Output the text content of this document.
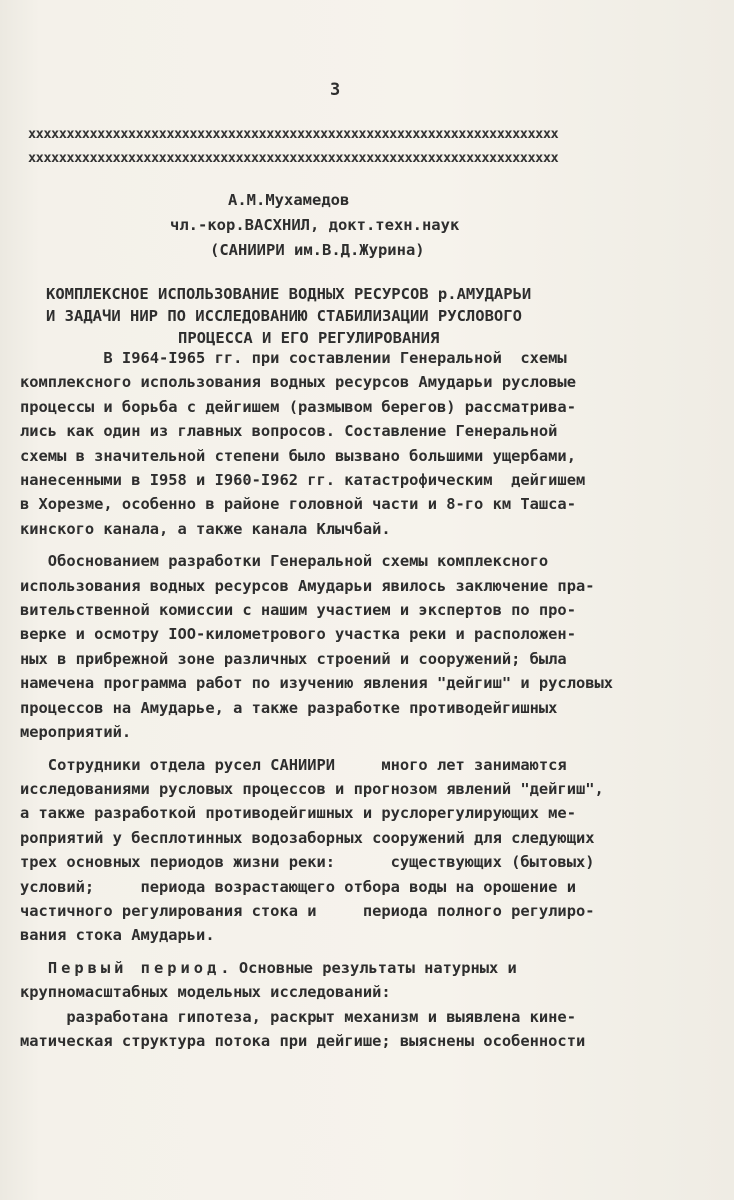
3
xxxxxxxxxxxxxxxxxxxxxxxxxxxxxxxxxxxxxxxxxxxxxxxxxxxxxxxxxxxxxxxxxxxxx
xxxxxxxxxxxxxxxxxxxxxxxxxxxxxxxxxxxxxxxxxxxxxxxxxxxxxxxxxxxxxxxxxxxxx
А.М.Мухамедов
чл.-кор.ВАСХНИЛ, докт.техн.наук
(САНИИРИ им.В.Д.Журина)
КОМПЛЕКСНОЕ ИСПОЛЬЗОВАНИЕ ВОДНЫХ РЕСУРСОВ р.АМУДАРЬИ
И ЗАДАЧИ НИР ПО ИССЛЕДОВАНИЮ СТАБИЛИЗАЦИИ РУСЛОВОГО
ПРОЦЕССА И ЕГО РЕГУЛИРОВАНИЯ
В I964-I965 гг. при составлении Генеральной  схемы
комплексного использования водных ресурсов Амударьи русловые
процессы и борьба с дейгишем (размывом берегов) рассматрива-
лись как один из главных вопросов. Составление Генеральной
схемы в значительной степени было вызвано большими ущербами,
нанесенными в I958 и I960-I962 гг. катастрофическим  дейгишем
в Хорезме, особенно в районе головной части и 8-го км Ташса-
кинского канала, а также канала Клычбай.
Обоснованием разработки Генеральной схемы комплексного
использования водных ресурсов Амударьи явилось заключение пра-
вительственной комиссии с нашим участием и экспертов по про-
верке и осмотру IOO-километрового участка реки и расположен-
ных в прибрежной зоне различных строений и сооружений; была
намечена программа работ по изучению явления "дейгиш" и русловых
процессов на Амударье, а также разработке противодейгишных
мероприятий.
Сотрудники отдела русел САНИИРИ     много лет занимаются
исследованиями русловых процессов и прогнозом явлений "дейгиш",
а также разработкой противодейгишных и руслорегулирующих ме-
роприятий у бесплотинных водозаборных сооружений для следующих
трех основных периодов жизни реки:      существующих (бытовых)
условий;     периода возрастающего отбора воды на орошение и
частичного регулирования стока и     периода полного регулиро-
вания стока Амударьи.
Первый период. Основные результаты натурных и
крупномасштабных модельных исследований:
разработана гипотеза, раскрыт механизм и выявлена кине-
матическая структура потока при дейгише; выяснены особенности
